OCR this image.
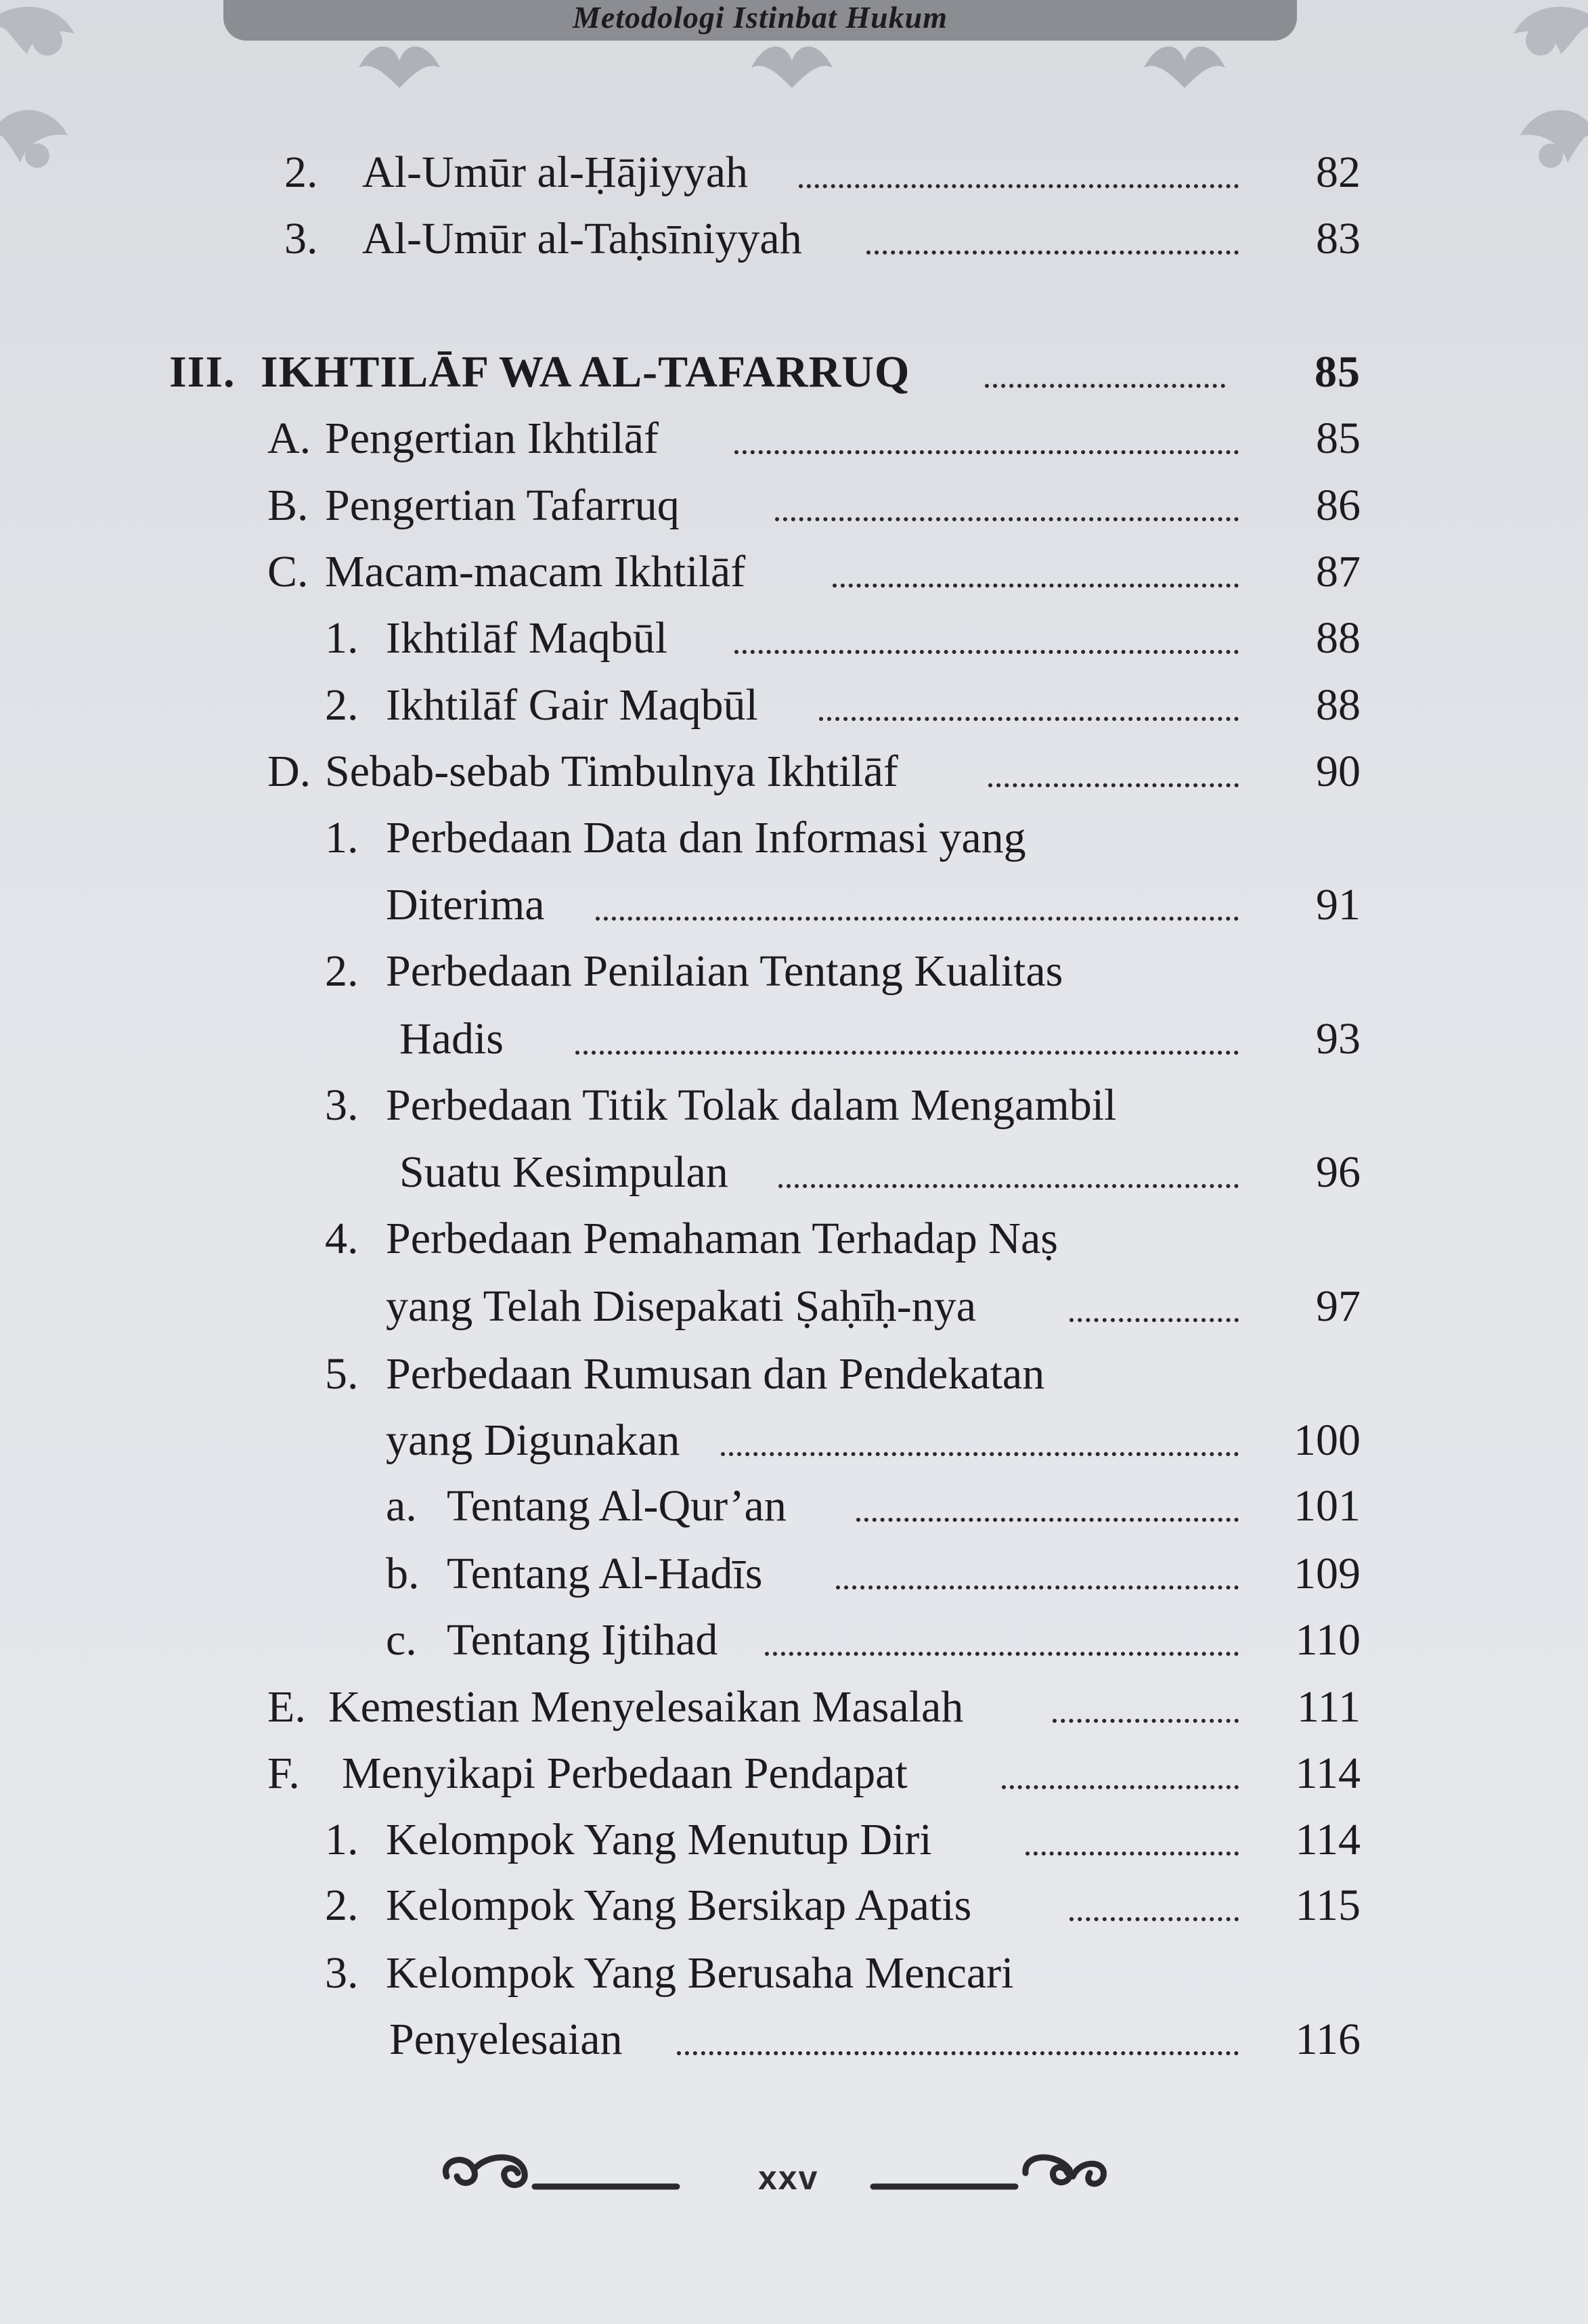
Metodologi Istinbat Hukum
2. Al-Umūr al-Ḥājiyyah	82
3. Al-Umūr al-Taḥsīniyyah	83
III. IKHTILĀF WA AL-TAFARRUQ	85
A. Pengertian Ikhtilāf	85
B. Pengertian Tafarruq	86
C. Macam-macam Ikhtilāf	87
1. Ikhtilāf Maqbūl	88
2. Ikhtilāf Gair Maqbūl	88
D. Sebab-sebab Timbulnya Ikhtilāf	90
1. Perbedaan Data dan Informasi yang
Diterima	91
2. Perbedaan Penilaian Tentang Kualitas
Hadis	93
3. Perbedaan Titik Tolak dalam Mengambil
Suatu Kesimpulan	96
4. Perbedaan Pemahaman Terhadap Naṣ
yang Telah Disepakati Ṣaḥīḥ-nya	97
5. Perbedaan Rumusan dan Pendekatan
yang Digunakan	100
a. Tentang Al-Qur’an	101
b. Tentang Al-Hadīs	109
c. Tentang Ijtihad	110
E. Kemestian Menyelesaikan Masalah	111
F. Menyikapi Perbedaan Pendapat	114
1. Kelompok Yang Menutup Diri	114
2. Kelompok Yang Bersikap Apatis	115
3. Kelompok Yang Berusaha Mencari
Penyelesaian	116
xxv
